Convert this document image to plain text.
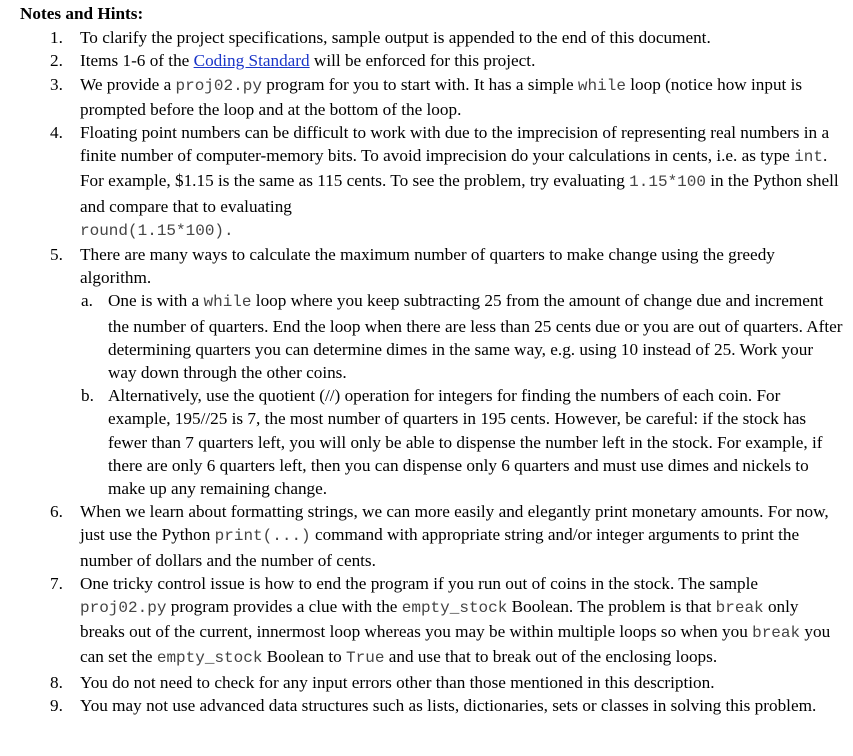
Notes and Hints:
1. To clarify the project specifications, sample output is appended to the end of this document.
2. Items 1-6 of the Coding Standard will be enforced for this project.
3. We provide a proj02.py program for you to start with. It has a simple while loop (notice how input is prompted before the loop and at the bottom of the loop.
4. Floating point numbers can be difficult to work with due to the imprecision of representing real numbers in a finite number of computer-memory bits. To avoid imprecision do your calculations in cents, i.e. as type int. For example, $1.15 is the same as 115 cents. To see the problem, try evaluating 1.15*100 in the Python shell and compare that to evaluating
round(1.15*100).
5. There are many ways to calculate the maximum number of quarters to make change using the greedy algorithm.
a. One is with a while loop where you keep subtracting 25 from the amount of change due and increment the number of quarters. End the loop when there are less than 25 cents due or you are out of quarters. After determining quarters you can determine dimes in the same way, e.g. using 10 instead of 25. Work your way down through the other coins.
b. Alternatively, use the quotient (//) operation for integers for finding the numbers of each coin. For example, 195//25 is 7, the most number of quarters in 195 cents. However, be careful: if the stock has fewer than 7 quarters left, you will only be able to dispense the number left in the stock. For example, if there are only 6 quarters left, then you can dispense only 6 quarters and must use dimes and nickels to make up any remaining change.
6. When we learn about formatting strings, we can more easily and elegantly print monetary amounts. For now, just use the Python print(...) command with appropriate string and/or integer arguments to print the number of dollars and the number of cents.
7. One tricky control issue is how to end the program if you run out of coins in the stock. The sample proj02.py program provides a clue with the empty_stock Boolean. The problem is that break only breaks out of the current, innermost loop whereas you may be within multiple loops so when you break you can set the empty_stock Boolean to True and use that to break out of the enclosing loops.
8. You do not need to check for any input errors other than those mentioned in this description.
9. You may not use advanced data structures such as lists, dictionaries, sets or classes in solving this problem.
